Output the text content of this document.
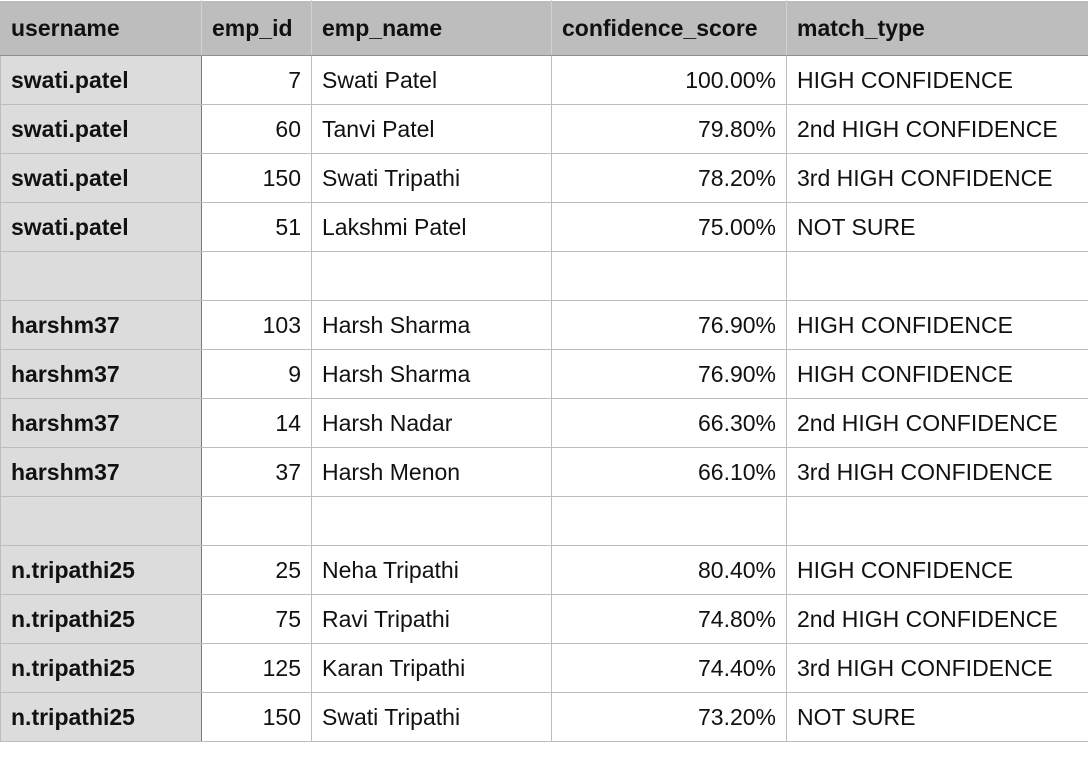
username	emp_id	emp_name	confidence_score	match_type
swati.patel	7	Swati Patel	100.00%	HIGH CONFIDENCE
swati.patel	60	Tanvi Patel	79.80%	2nd HIGH CONFIDENCE
swati.patel	150	Swati Tripathi	78.20%	3rd HIGH CONFIDENCE
swati.patel	51	Lakshmi Patel	75.00%	NOT SURE

harshm37	103	Harsh Sharma	76.90%	HIGH CONFIDENCE
harshm37	9	Harsh Sharma	76.90%	HIGH CONFIDENCE
harshm37	14	Harsh Nadar	66.30%	2nd HIGH CONFIDENCE
harshm37	37	Harsh Menon	66.10%	3rd HIGH CONFIDENCE

n.tripathi25	25	Neha Tripathi	80.40%	HIGH CONFIDENCE
n.tripathi25	75	Ravi Tripathi	74.80%	2nd HIGH CONFIDENCE
n.tripathi25	125	Karan Tripathi	74.40%	3rd HIGH CONFIDENCE
n.tripathi25	150	Swati Tripathi	73.20%	NOT SURE
